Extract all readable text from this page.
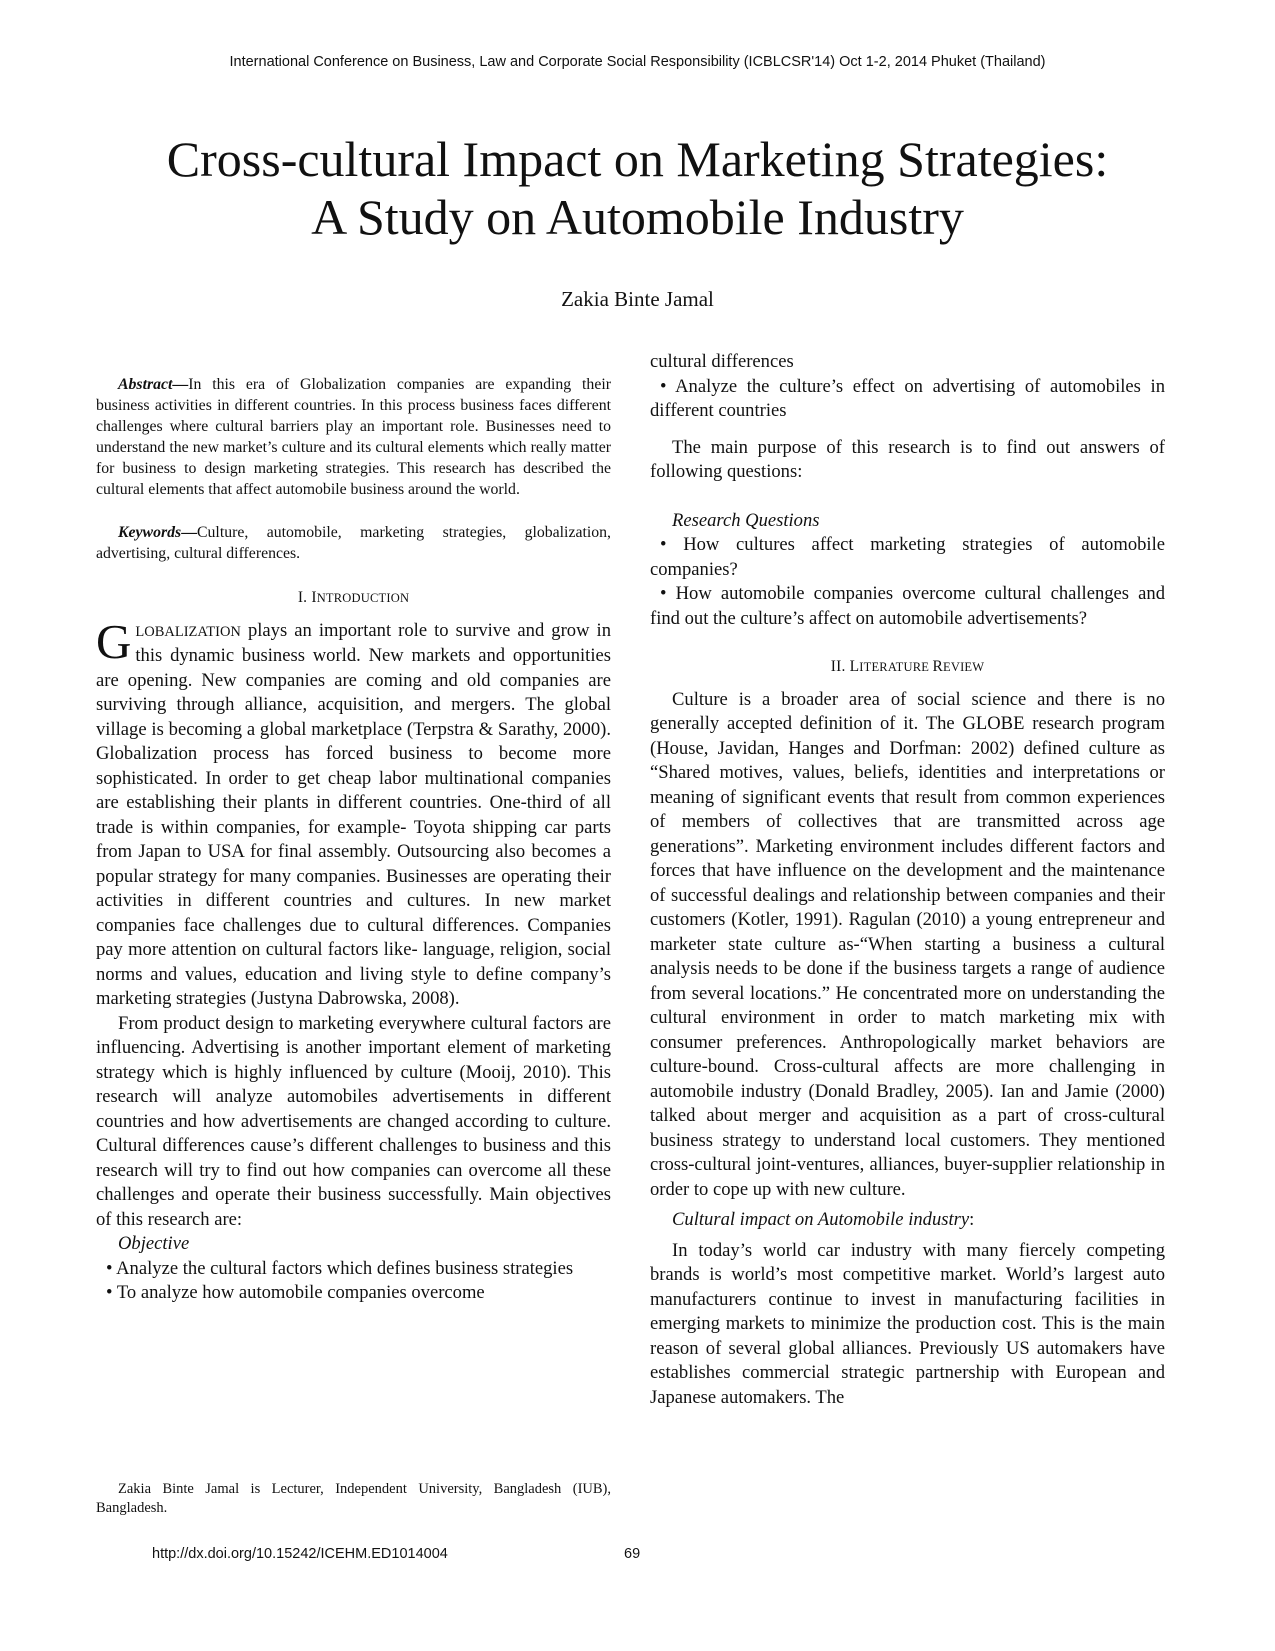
International Conference on Business, Law and Corporate Social Responsibility (ICBLCSR'14) Oct 1-2, 2014 Phuket (Thailand)
Cross-cultural Impact on Marketing Strategies:
A Study on Automobile Industry
Zakia Binte Jamal

Abstract—In this era of Globalization companies are expanding their business activities in different countries. In this process business faces different challenges where cultural barriers play an important role. Businesses need to understand the new market’s culture and its cultural elements which really matter for business to design marketing strategies. This research has described the cultural elements that affect automobile business around the world.

Keywords—Culture, automobile, marketing strategies, globalization, advertising, cultural differences.

I. INTRODUCTION

GLOBALIZATION plays an important role to survive and grow in this dynamic business world. New markets and opportunities are opening. New companies are coming and old companies are surviving through alliance, acquisition, and mergers. The global village is becoming a global marketplace (Terpstra & Sarathy, 2000). Globalization process has forced business to become more sophisticated. In order to get cheap labor multinational companies are establishing their plants in different countries. One-third of all trade is within companies, for example- Toyota shipping car parts from Japan to USA for final assembly. Outsourcing also becomes a popular strategy for many companies. Businesses are operating their activities in different countries and cultures. In new market companies face challenges due to cultural differences. Companies pay more attention on cultural factors like- language, religion, social norms and values, education and living style to define company’s marketing strategies (Justyna Dabrowska, 2008).

From product design to marketing everywhere cultural factors are influencing. Advertising is another important element of marketing strategy which is highly influenced by culture (Mooij, 2010). This research will analyze automobiles advertisements in different countries and how advertisements are changed according to culture. Cultural differences cause’s different challenges to business and this research will try to find out how companies can overcome all these challenges and operate their business successfully. Main objectives of this research are:

Objective

• Analyze the cultural factors which defines business strategies

• To analyze how automobile companies overcome

cultural differences

• Analyze the culture’s effect on advertising of automobiles in different countries

The main purpose of this research is to find out answers of following questions:

Research Questions

• How cultures affect marketing strategies of automobile companies?

• How automobile companies overcome cultural challenges and find out the culture’s affect on automobile advertisements?

II. LITERATURE REVIEW

Culture is a broader area of social science and there is no generally accepted definition of it. The GLOBE research program (House, Javidan, Hanges and Dorfman: 2002) defined culture as “Shared motives, values, beliefs, identities and interpretations or meaning of significant events that result from common experiences of members of collectives that are transmitted across age generations”. Marketing environment includes different factors and forces that have influence on the development and the maintenance of successful dealings and relationship between companies and their customers (Kotler, 1991). Ragulan (2010) a young entrepreneur and marketer state culture as-“When starting a business a cultural analysis needs to be done if the business targets a range of audience from several locations.” He concentrated more on understanding the cultural environment in order to match marketing mix with consumer preferences. Anthropologically market behaviors are culture-bound. Cross-cultural affects are more challenging in automobile industry (Donald Bradley, 2005). Ian and Jamie (2000) talked about merger and acquisition as a part of cross-cultural business strategy to understand local customers. They mentioned cross-cultural joint-ventures, alliances, buyer-supplier relationship in order to cope up with new culture.

Cultural impact on Automobile industry:

In today’s world car industry with many fiercely competing brands is world’s most competitive market. World’s largest auto manufacturers continue to invest in manufacturing facilities in emerging markets to minimize the production cost. This is the main reason of several global alliances. Previously US automakers have establishes commercial strategic partnership with European and Japanese automakers. The

Zakia Binte Jamal is Lecturer, Independent University, Bangladesh (IUB), Bangladesh.
http://dx.doi.org/10.15242/ICEHM.ED1014004	69
